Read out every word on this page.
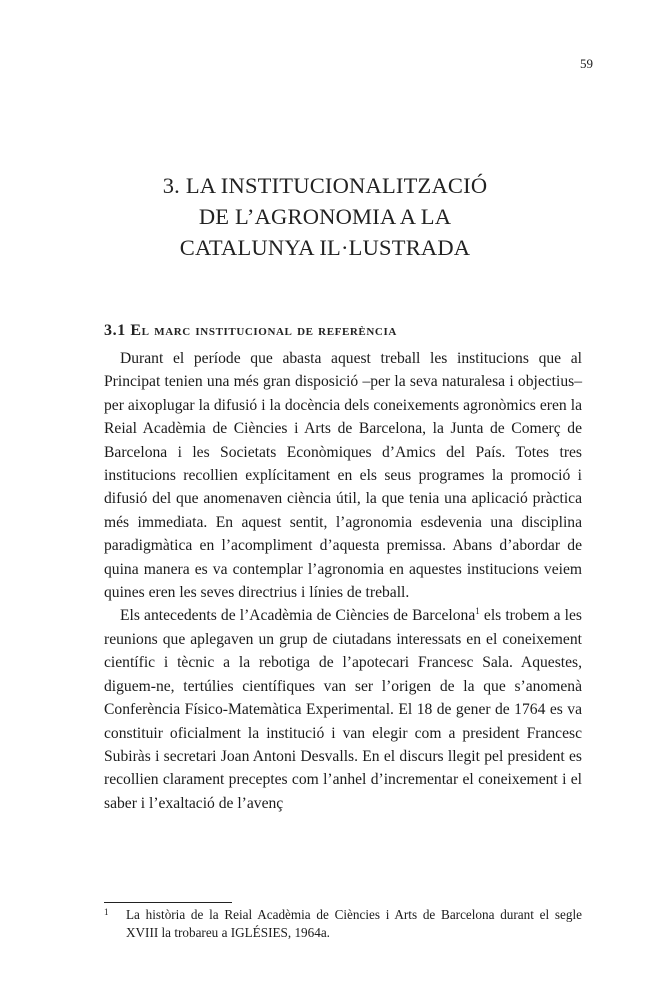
59
3. LA INSTITUCIONALITZACIÓ
DE L’AGRONOMIA A LA
CATALUNYA IL·LUSTRADA
3.1 El marc institucional de referència

Durant el període que abasta aquest treball les institucions que al Principat tenien una més gran disposició –per la seva naturalesa i objectius– per aixoplugar la difusió i la docència dels coneixements agronòmics eren la Reial Acadèmia de Ciències i Arts de Barcelona, la Junta de Comerç de Barcelona i les Societats Econòmiques d’Amics del País. Totes tres institucions recollien explícitament en els seus programes la promoció i difusió del que anomenaven ciència útil, la que tenia una aplicació pràctica més immediata. En aquest sentit, l’agronomia esdevenia una disciplina paradigmàtica en l’acompliment d’aquesta premissa. Abans d’abordar de quina manera es va contemplar l’agronomia en aquestes institucions veiem quines eren les seves directrius i línies de treball.

Els antecedents de l’Acadèmia de Ciències de Barcelona$^1$ els trobem a les reunions que aplegaven un grup de ciutadans interessats en el coneixement científic i tècnic a la rebotiga de l’apotecari Francesc Sala. Aquestes, diguem-ne, tertúlies científiques van ser l’origen de la que s’anomenà Conferència Físico-Matemàtica Experimental. El 18 de gener de 1764 es va constituir oficialment la institució i van elegir com a president Francesc Subiràs i secretari Joan Antoni Desvalls. En el discurs llegit pel president es recollien clarament preceptes com l’anhel d’incrementar el coneixement i el saber i l’exaltació de l’avenç

1 La història de la Reial Acadèmia de Ciències i Arts de Barcelona durant el segle XVIII la trobareu a IGLÉSIES, 1964a.
